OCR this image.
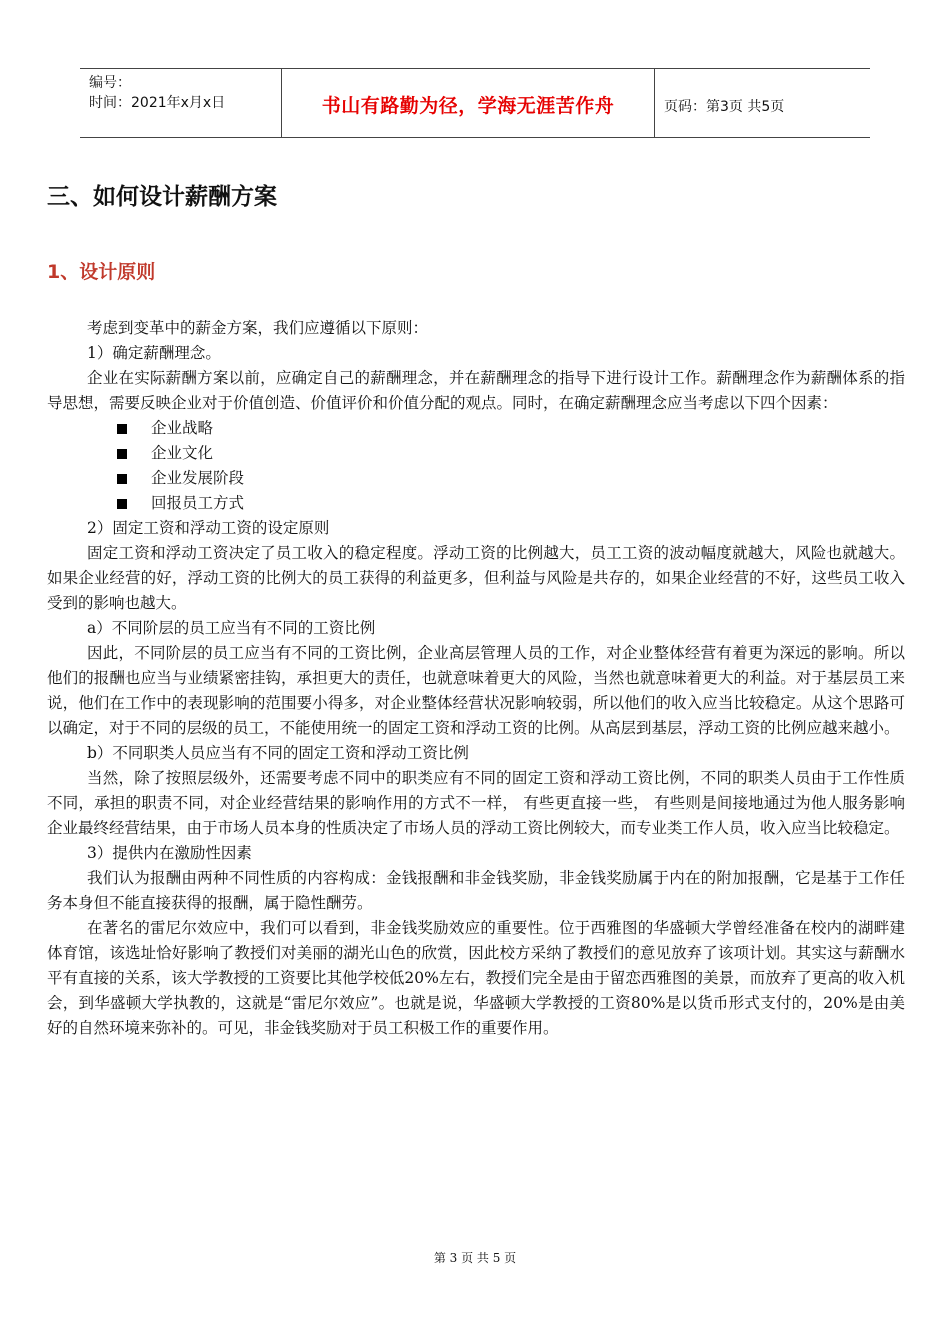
编号：
时间：2021年x月x日	书山有路勤为径，学海无涯苦作舟	页码：第3页 共5页
三、如何设计薪酬方案
1、设计原则

考虑到变革中的薪金方案，我们应遵循以下原则：

1）确定薪酬理念。

企业在实际薪酬方案以前，应确定自己的薪酬理念，并在薪酬理念的指导下进行设计工作。薪酬理念作为薪酬体系的指导思想，需要反映企业对于价值创造、价值评价和价值分配的观点。同时，在确定薪酬理念应当考虑以下四个因素：

企业战略
企业文化
企业发展阶段
回报员工方式

2）固定工资和浮动工资的设定原则

固定工资和浮动工资决定了员工收入的稳定程度。浮动工资的比例越大，员工工资的波动幅度就越大，风险也就越大。如果企业经营的好，浮动工资的比例大的员工获得的利益更多，但利益与风险是共存的，如果企业经营的不好，这些员工收入受到的影响也越大。

a）不同阶层的员工应当有不同的工资比例

因此，不同阶层的员工应当有不同的工资比例，企业高层管理人员的工作，对企业整体经营有着更为深远的影响。所以他们的报酬也应当与业绩紧密挂钩，承担更大的责任，也就意味着更大的风险，当然也就意味着更大的利益。对于基层员工来说，他们在工作中的表现影响的范围要小得多，对企业整体经营状况影响较弱，所以他们的收入应当比较稳定。从这个思路可以确定，对于不同的层级的员工，不能使用统一的固定工资和浮动工资的比例。从高层到基层，浮动工资的比例应越来越小。

b）不同职类人员应当有不同的固定工资和浮动工资比例

当然，除了按照层级外，还需要考虑不同中的职类应有不同的固定工资和浮动工资比例，不同的职类人员由于工作性质不同，承担的职责不同，对企业经营结果的影响作用的方式不一样， 有些更直接一些， 有些则是间接地通过为他人服务影响企业最终经营结果，由于市场人员本身的性质决定了市场人员的浮动工资比例较大，而专业类工作人员，收入应当比较稳定。

3）提供内在激励性因素

我们认为报酬由两种不同性质的内容构成：金钱报酬和非金钱奖励，非金钱奖励属于内在的附加报酬，它是基于工作任务本身但不能直接获得的报酬，属于隐性酬劳。

在著名的雷尼尔效应中，我们可以看到，非金钱奖励效应的重要性。位于西雅图的华盛顿大学曾经准备在校内的湖畔建体育馆，该选址恰好影响了教授们对美丽的湖光山色的欣赏，因此校方采纳了教授们的意见放弃了该项计划。其实这与薪酬水平有直接的关系，该大学教授的工资要比其他学校低20%左右，教授们完全是由于留恋西雅图的美景，而放弃了更高的收入机会，到华盛顿大学执教的，这就是“雷尼尔效应”。也就是说，华盛顿大学教授的工资80%是以货币形式支付的，20%是由美好的自然环境来弥补的。可见，非金钱奖励对于员工积极工作的重要作用。

第 3 页 共 5 页
